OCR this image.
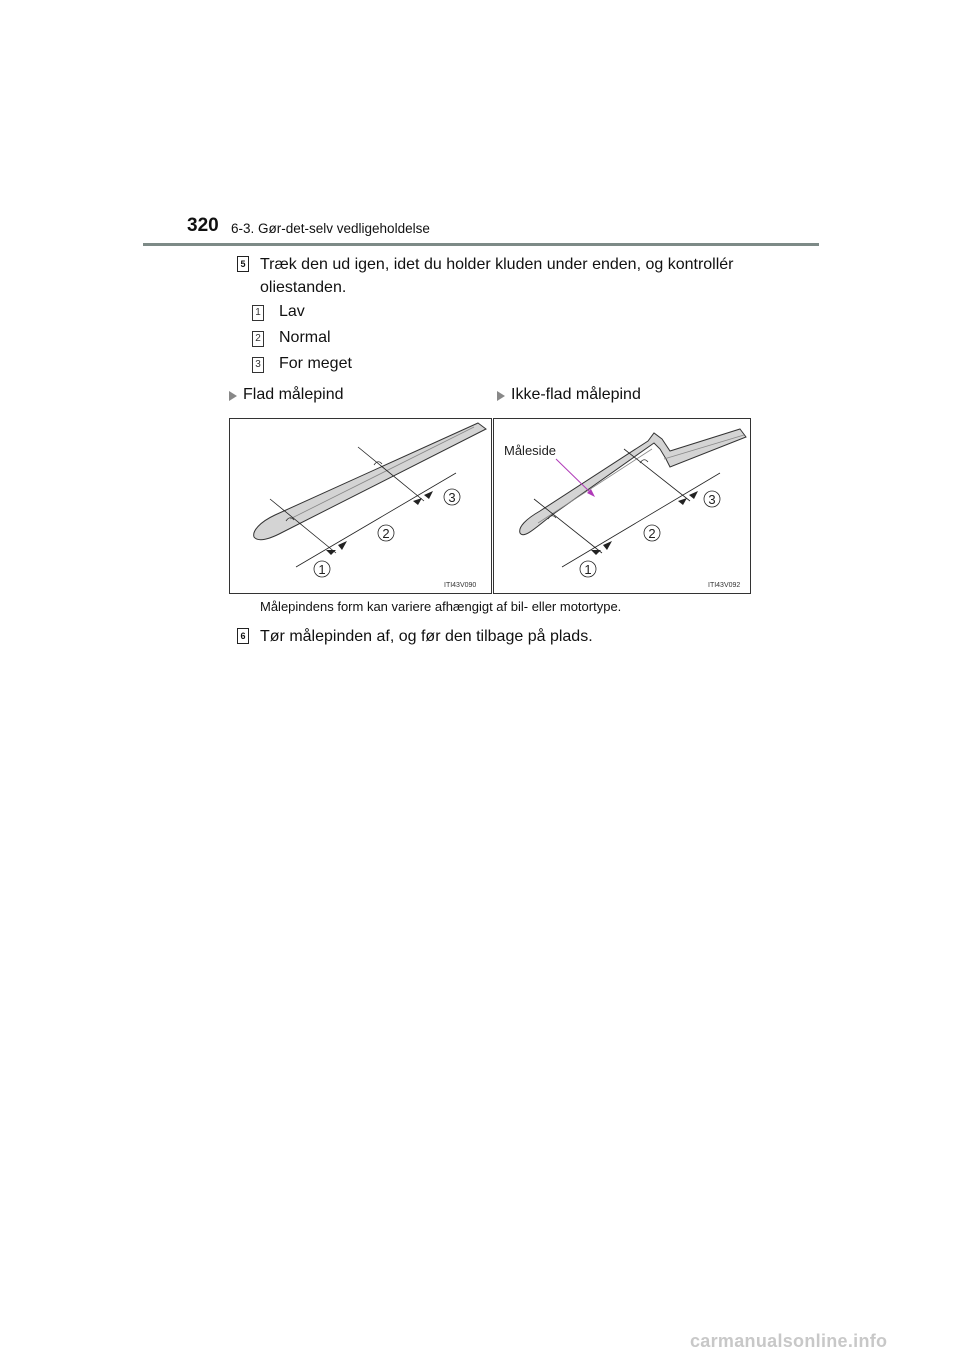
320 6-3. Gør-det-selv vedligeholdelse
5 Træk den ud igen, idet du holder kluden under enden, og kontrollér
oliestanden.
1 Lav
2 Normal
3 For meget
Flad målepind	Ikke-flad målepind
1
2
3
ITI43V090
Måleside
1
2
3
ITI43V092
Målepindens form kan variere afhængigt af bil- eller motortype.
6 Tør målepinden af, og før den tilbage på plads.
carmanualsonline.info
